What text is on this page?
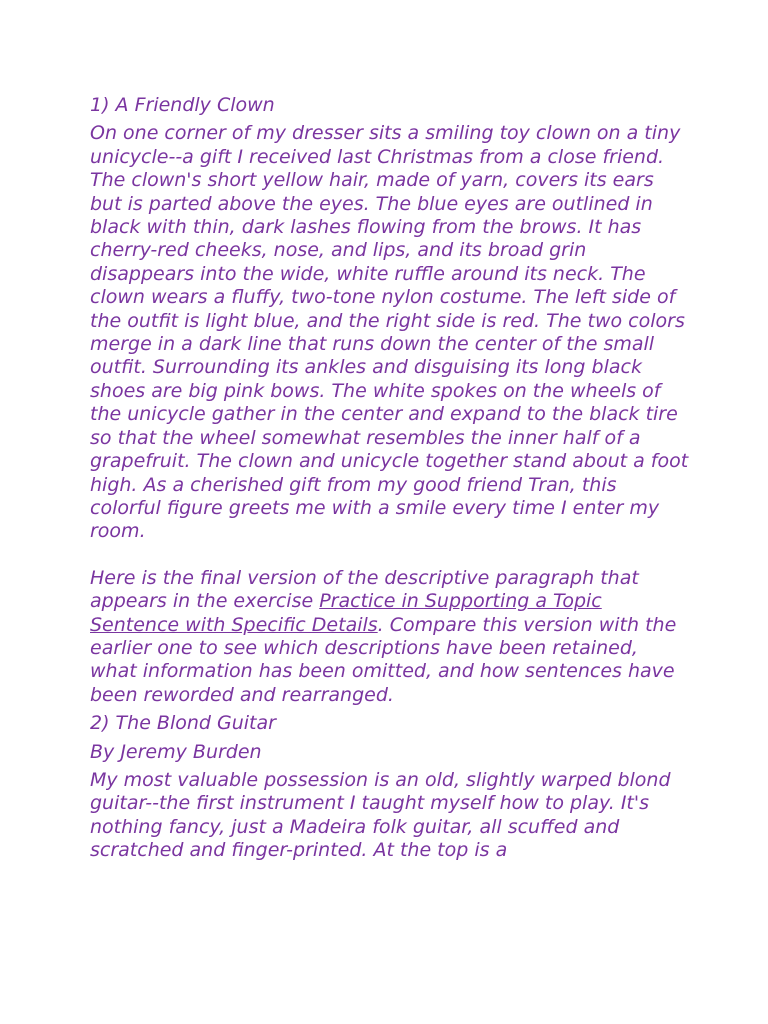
1) A Friendly Clown

On one corner of my dresser sits a smiling toy clown on a tiny unicycle--a gift I received last Christmas from a close friend. The clown's short yellow hair, made of yarn, covers its ears but is parted above the eyes. The blue eyes are outlined in black with thin, dark lashes flowing from the brows. It has cherry-red cheeks, nose, and lips, and its broad grin disappears into the wide, white ruffle around its neck. The clown wears a fluffy, two-tone nylon costume. The left side of the outfit is light blue, and the right side is red. The two colors merge in a dark line that runs down the center of the small outfit. Surrounding its ankles and disguising its long black shoes are big pink bows. The white spokes on the wheels of the unicycle gather in the center and expand to the black tire so that the wheel somewhat resembles the inner half of a grapefruit. The clown and unicycle together stand about a foot high. As a cherished gift from my good friend Tran, this colorful figure greets me with a smile every time I enter my room.

Here is the final version of the descriptive paragraph that appears in the exercise Practice in Supporting a Topic Sentence with Specific Details. Compare this version with the earlier one to see which descriptions have been retained, what information has been omitted, and how sentences have been reworded and rearranged.

2) The Blond Guitar
By Jeremy Burden

My most valuable possession is an old, slightly warped blond guitar--the first instrument I taught myself how to play. It's nothing fancy, just a Madeira folk guitar, all scuffed and scratched and finger-printed. At the top is a
